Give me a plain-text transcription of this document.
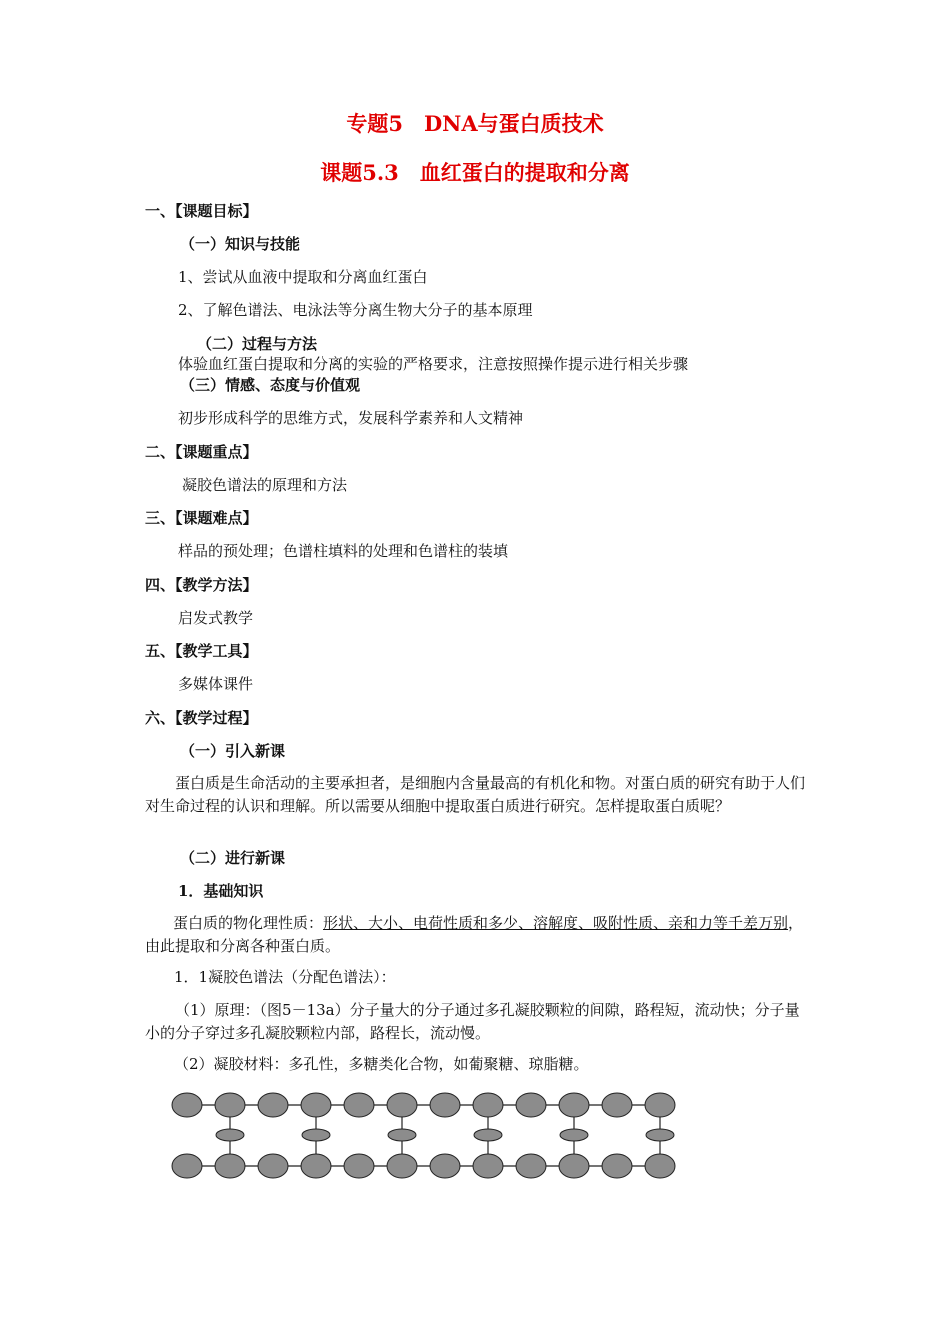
专题5　DNA与蛋白质技术
课题5.3　血红蛋白的提取和分离

一、【课题目标】

（一）知识与技能

1、尝试从血液中提取和分离血红蛋白

2、了解色谱法、电泳法等分离生物大分子的基本原理

（二）过程与方法

体验血红蛋白提取和分离的实验的严格要求，注意按照操作提示进行相关步骤

（三）情感、态度与价值观

初步形成科学的思维方式，发展科学素养和人文精神

二、【课题重点】

凝胶色谱法的原理和方法

三、【课题难点】

样品的预处理；色谱柱填料的处理和色谱柱的装填

四、【教学方法】

启发式教学

五、【教学工具】

多媒体课件

六、【教学过程】

（一）引入新课

蛋白质是生命活动的主要承担者，是细胞内含量最高的有机化和物。对蛋白质的研究有助于人们对生命过程的认识和理解。所以需要从细胞中提取蛋白质进行研究。怎样提取蛋白质呢？

（二）进行新课

1．基础知识

蛋白质的物化理性质：形状、大小、电荷性质和多少、溶解度、吸附性质、亲和力等千差万别，由此提取和分离各种蛋白质。

1．1凝胶色谱法（分配色谱法）：

（1）原理：（图5－13a）分子量大的分子通过多孔凝胶颗粒的间隙，路程短，流动快；分子量小的分子穿过多孔凝胶颗粒内部，路程长，流动慢。

（2）凝胶材料：多孔性，多糖类化合物，如葡聚糖、琼脂糖。
